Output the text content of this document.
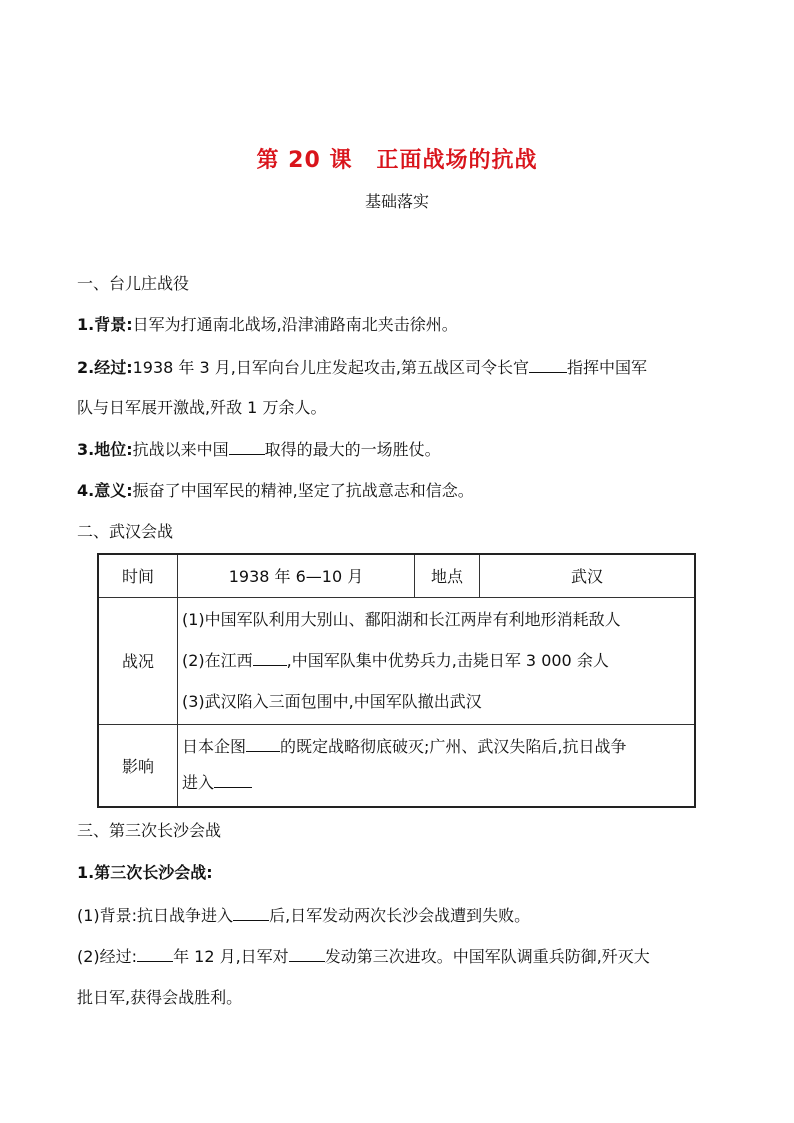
第 20 课 正面战场的抗战
基础落实
一、台儿庄战役
1.背景:日军为打通南北战场,沿津浦路南北夹击徐州。
2.经过:1938 年 3 月,日军向台儿庄发起攻击,第五战区司令长官 指挥中国军
队与日军展开激战,歼敌 1 万余人。
3.地位:抗战以来中国 取得的最大的一场胜仗。
4.意义:振奋了中国军民的精神,坚定了抗战意志和信念。
二、武汉会战
时间	1938 年 6—10 月	地点	武汉
战况	(1)中国军队利用大别山、鄱阳湖和长江两岸有利地形消耗敌人
(2)在江西 ,中国军队集中优势兵力,击毙日军 3 000 余人
(3)武汉陷入三面包围中,中国军队撤出武汉		

影响	日本企图 的既定战略彻底破灭;广州、武汉失陷后,抗日战争
进入		
三、第三次长沙会战
1.第三次长沙会战:
(1)背景:抗日战争进入 后,日军发动两次长沙会战遭到失败。
(2)经过: 年 12 月,日军对 发动第三次进攻。中国军队调重兵防御,歼灭大
批日军,获得会战胜利。
